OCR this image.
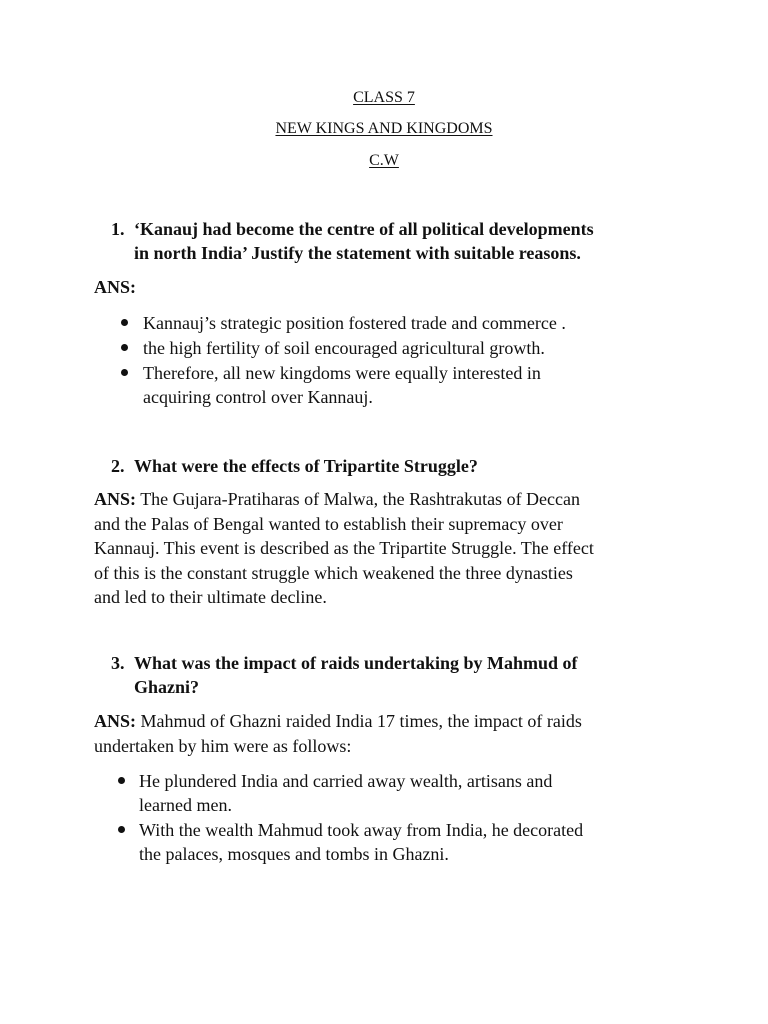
CLASS 7
NEW KINGS AND KINGDOMS
C.W
1. ‘Kanauj had become the centre of all political developments
in north India’ Justify the statement with suitable reasons.
ANS:
Kannauj’s strategic position fostered trade and commerce .
the high fertility of soil encouraged agricultural growth.
Therefore, all new kingdoms were equally interested in
acquiring control over Kannauj.
2. What were the effects of Tripartite Struggle?
ANS: The Gujara-Pratiharas of Malwa, the Rashtrakutas of Deccan
and the Palas of Bengal wanted to establish their supremacy over
Kannauj. This event is described as the Tripartite Struggle. The effect
of this is the constant struggle which weakened the three dynasties
and led to their ultimate decline.
3. What was the impact of raids undertaking by Mahmud of
Ghazni?
ANS: Mahmud of Ghazni raided India 17 times, the impact of raids
undertaken by him were as follows:
He plundered India and carried away wealth, artisans and
learned men.
With the wealth Mahmud took away from India, he decorated
the palaces, mosques and tombs in Ghazni.
